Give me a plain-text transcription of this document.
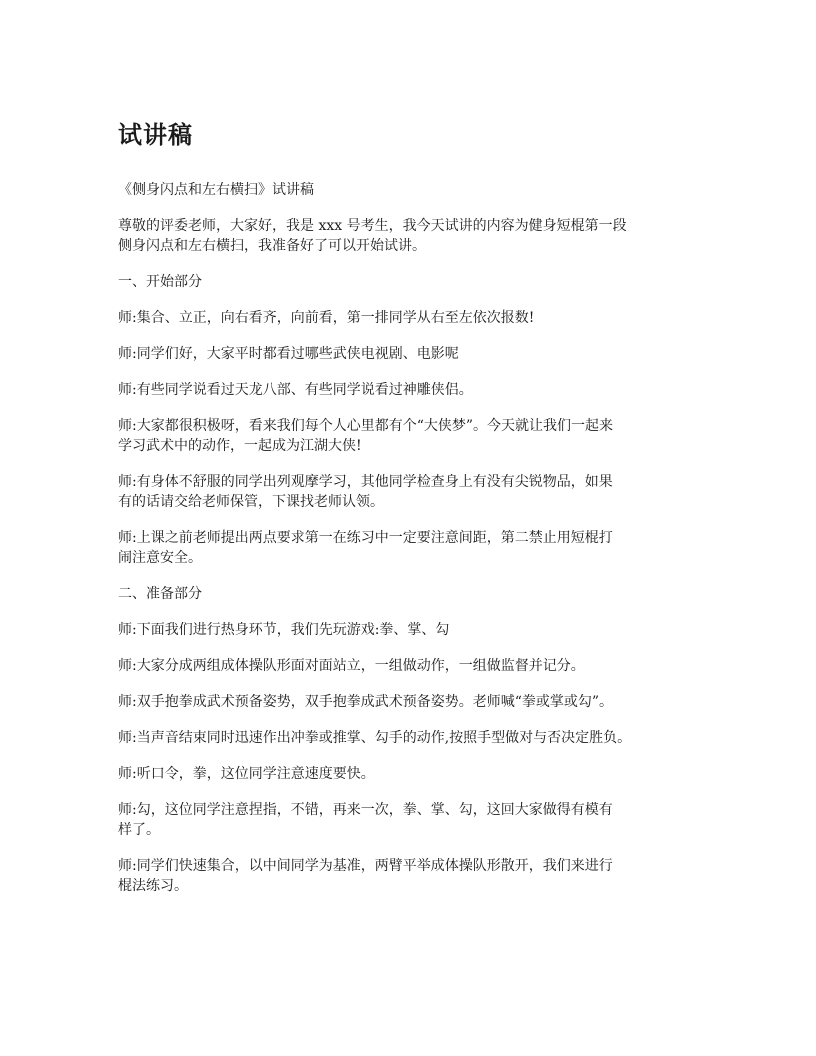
试讲稿

《侧身闪点和左右横扫》试讲稿

尊敬的评委老师，大家好，我是 xxx 号考生，我今天试讲的内容为健身短棍第一段
侧身闪点和左右横扫，我准备好了可以开始试讲。

一、开始部分

师:集合、立正，向右看齐，向前看，第一排同学从右至左依次报数!

师:同学们好，大家平时都看过哪些武侠电视剧、电影呢

师:有些同学说看过天龙八部、有些同学说看过神雕侠侣。

师:大家都很积极呀，看来我们每个人心里都有个“大侠梦”。今天就让我们一起来
学习武术中的动作，一起成为江湖大侠!

师:有身体不舒服的同学出列观摩学习，其他同学检查身上有没有尖锐物品，如果
有的话请交给老师保管，下课找老师认领。

师:上课之前老师提出两点要求第一在练习中一定要注意间距，第二禁止用短棍打
闹注意安全。

二、准备部分

师:下面我们进行热身环节，我们先玩游戏:拳、掌、勾

师:大家分成两组成体操队形面对面站立，一组做动作，一组做监督并记分。

师:双手抱拳成武术预备姿势，双手抱拳成武术预备姿势。老师喊“拳或掌或勾”。

师:当声音结束同时迅速作出冲拳或推掌、勾手的动作,按照手型做对与否决定胜负。

师:听口令，拳，这位同学注意速度要快。

师:勾，这位同学注意捏指，不错，再来一次，拳、掌、勾，这回大家做得有模有
样了。

师:同学们快速集合，以中间同学为基准，两臂平举成体操队形散开，我们来进行
棍法练习。
